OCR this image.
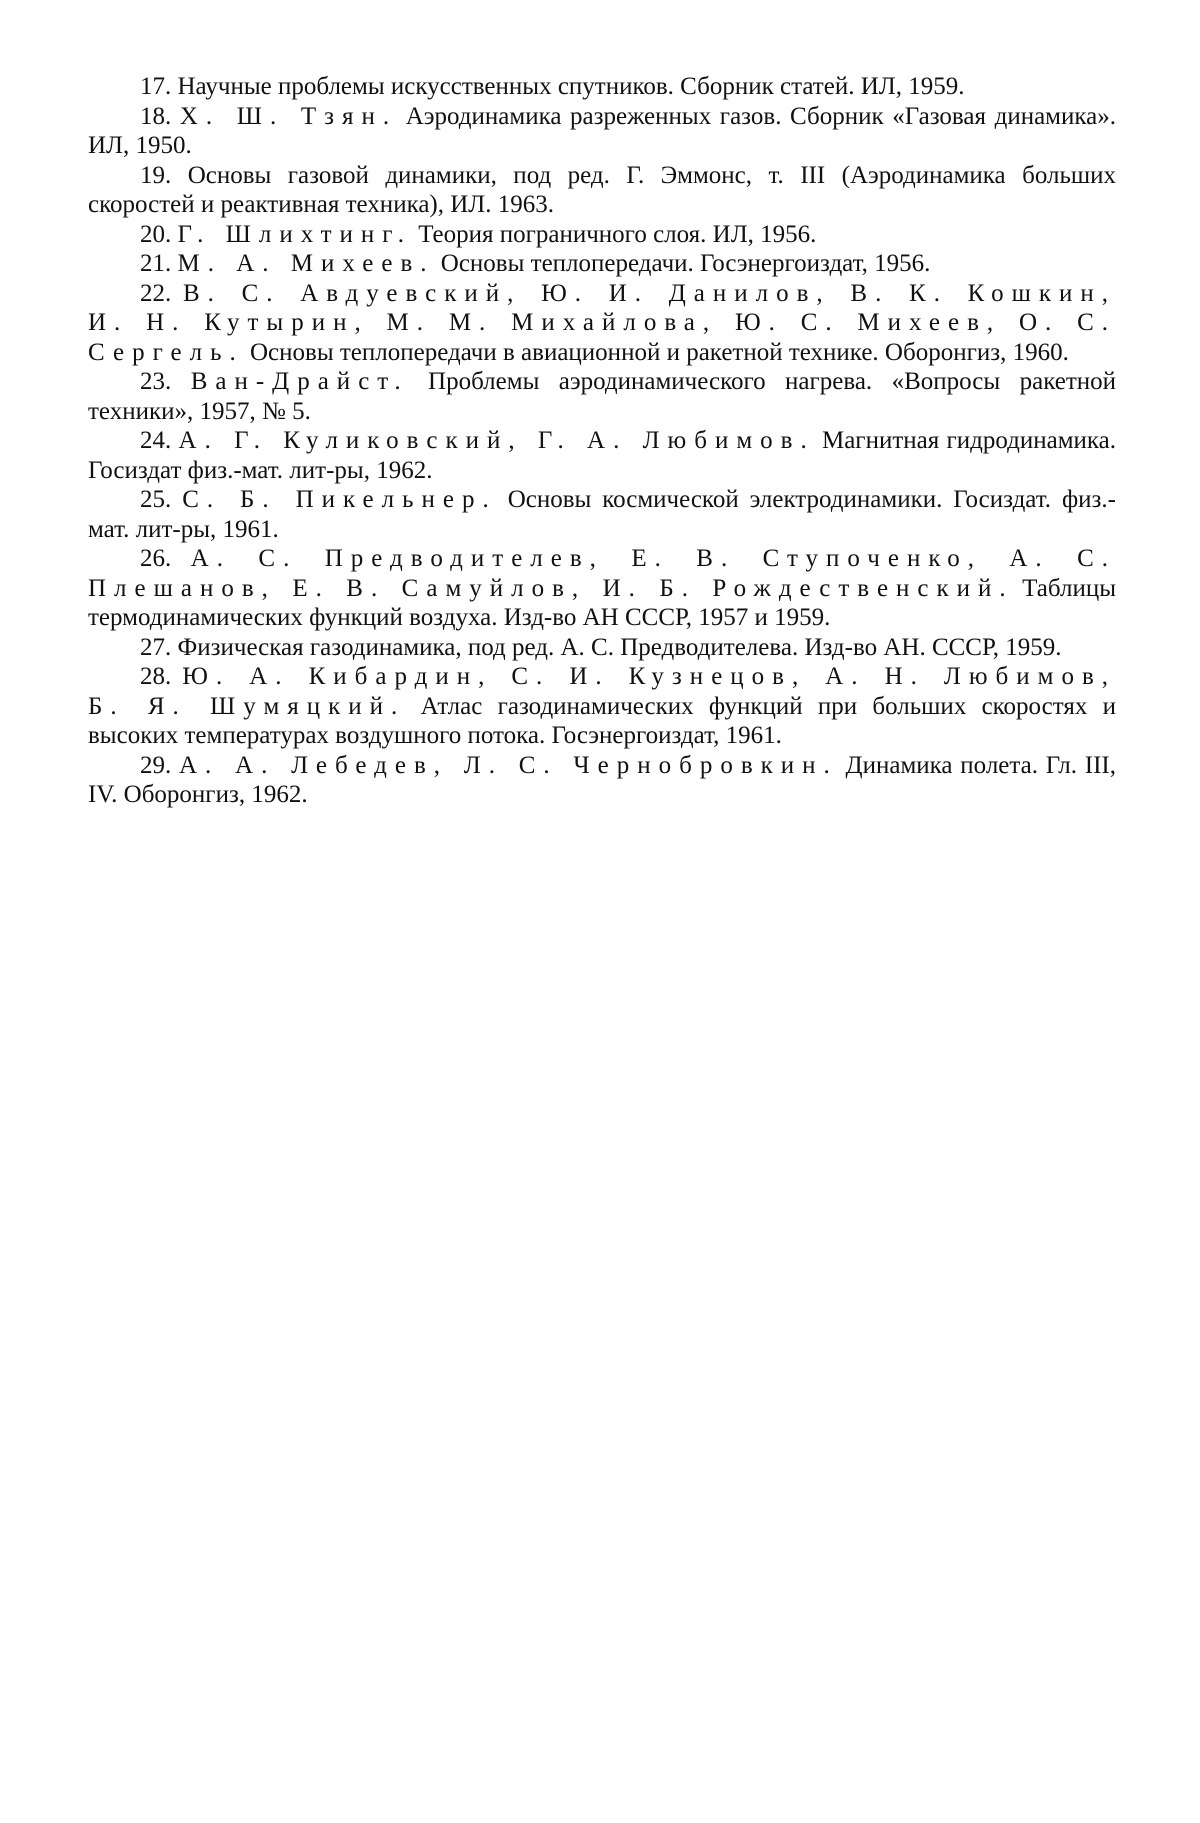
17. Научные проблемы искусственных спутников. Сборник статей. ИЛ, 1959.

18. X. Ш. Тзян. Аэродинамика разреженных газов. Сборник «Газовая динамика». ИЛ, 1950.

19. Основы газовой динамики, под ред. Г. Эммонс, т. III (Аэродинамика больших скоростей и реактивная техника), ИЛ. 1963.

20. Г. Шлихтинг. Теория пограничного слоя. ИЛ, 1956.

21. М. А. Михеев. Основы теплопередачи. Госэнергоиздат, 1956.

22. В. С. Авдуевский, Ю. И. Данилов, В. К. Кошкин, И. Н. Кутырин, М. М. Михайлова, Ю. С. Михеев, О. С. Сергель. Основы теплопередачи в авиационной и ракетной технике. Оборонгиз, 1960.

23. Ван-Драйст. Проблемы аэродинамического нагрева. «Вопросы ракетной техники», 1957, № 5.

24. А. Г. Куликовский, Г. А. Любимов. Магнитная гидродинамика. Госиздат физ.-мат. лит-ры, 1962.

25. С. Б. Пикельнер. Основы космической электродинамики. Госиздат. физ.-мат. лит-ры, 1961.

26. А. С. Предводителев, Е. В. Ступоченко, А. С. Плешанов, Е. В. Самуйлов, И. Б. Рождественский. Таблицы термодинамических функций воздуха. Изд-во АН СССР, 1957 и 1959.

27. Физическая газодинамика, под ред. А. С. Предводителева. Изд-во АН. СССР, 1959.

28. Ю. А. Кибардин, С. И. Кузнецов, А. Н. Любимов, Б. Я. Шумяцкий. Атлас газодинамических функций при больших скоростях и высоких температурах воздушного потока. Госэнергоиздат, 1961.

29. А. А. Лебедев, Л. С. Чернобровкин. Динамика полета. Гл. III, IV. Оборонгиз, 1962.
